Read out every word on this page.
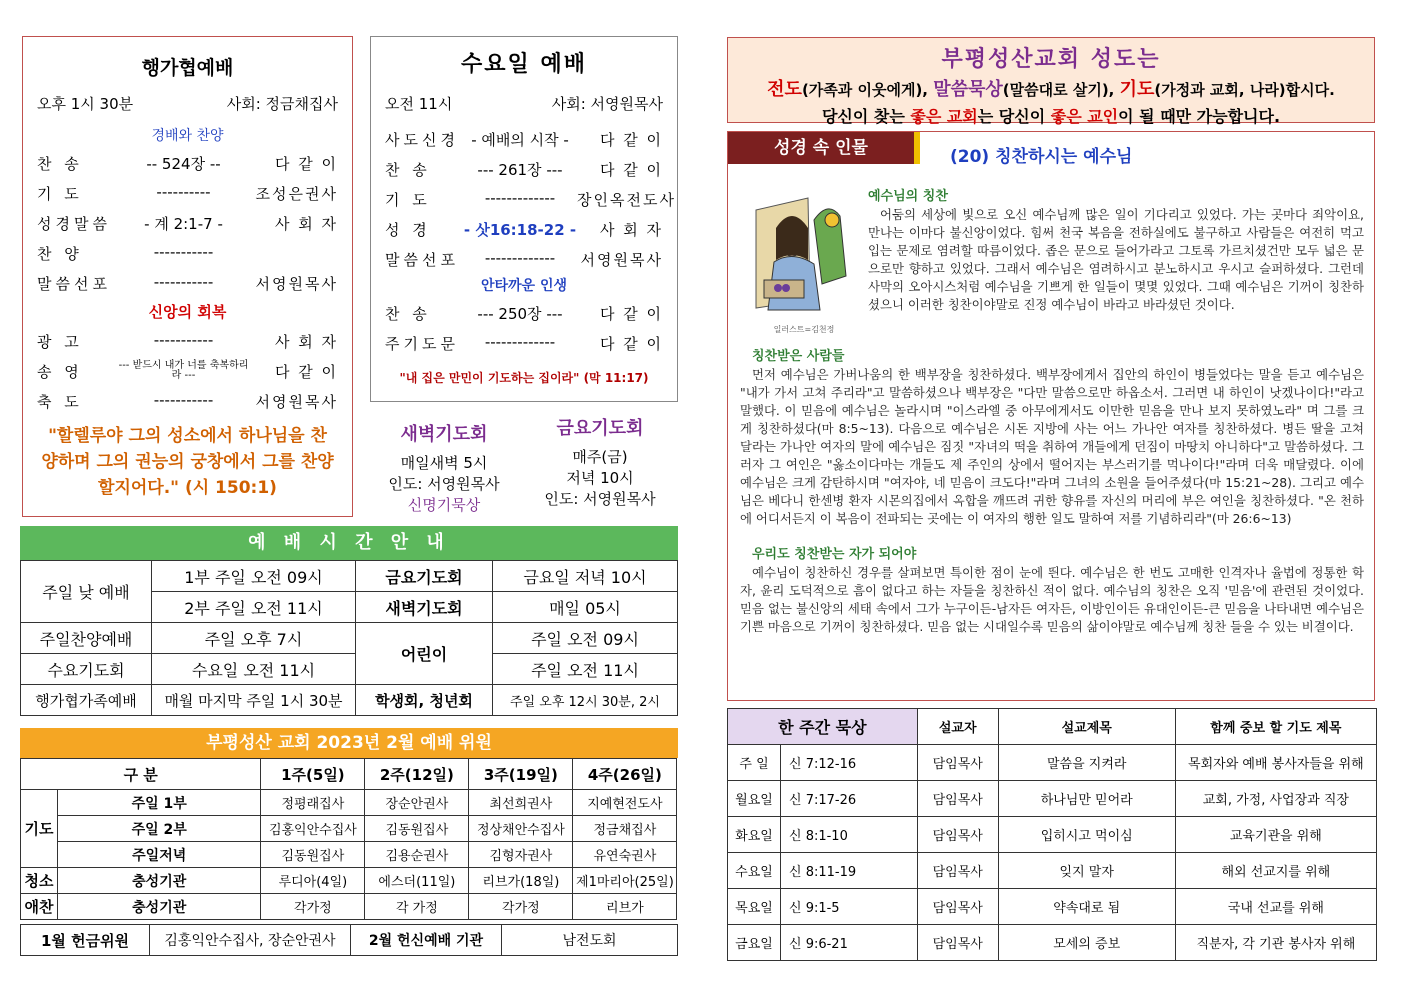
행가협예배
오후 1시 30분	사회: 정금채집사
경배와 찬양
찬 송	-- 524장 --	다 같 이
기 도	----------	조성은권사
성경말씀	- 계 2:1-7 -	사 회 자
찬 양	-----------
말씀선포	-----------	서영원목사
신앙의 회복
광 고	-----------	사 회 자
송 영	--- 받드시 내가 너를 축복하리라 ---	다 같 이
축 도	-----------	서영원목사
"할렐루야 그의 성소에서 하나님을 찬양하며 그의 권능의 궁창에서 그를 찬양할지어다." (시 150:1)
수요일 예배
오전 11시	사회: 서영원목사
사도신경 - 예배의 시작 -	다 같 이
찬 송	--- 261장 ---	다 같 이
기 도	-------------	장인옥전도사
성 경	- 삿16:18-22 -	사 회 자
말씀선포	-------------	서영원목사
안타까운 인생
찬 송	--- 250장 ---	다 같 이
주기도문	-------------	다 같 이
"내 집은 만민이 기도하는 집이라" (막 11:17)
새벽기도회
매일새벽 5시
인도: 서영원목사
신명기묵상
금요기도회
매주(금)
저녁 10시
인도: 서영원목사
예 배 시 간 안 내
주일 낮 예배	1부 주일 오전 09시	금요기도회	금요일 저녁 10시
	2부 주일 오전 11시	새벽기도회	매일 05시
주일찬양예배	주일 오후 7시	어린이	주일 오전 09시
수요기도회	수요일 오전 11시		주일 오전 11시
행가협가족예배	매월 마지막 주일 1시 30분	학생회, 청년회	주일 오후 12시 30분, 2시
부평성산 교회 2023년 2월 예배 위원
구 분		1주(5일)	2주(12일)	3주(19일)	4주(26일)	
기도	주일 1부	정평래집사	장순안권사	최선희권사	지예현전도사	
	주일 2부	김홍익안수집사	김동원집사	정상채안수집사	정금채집사	
	주일저녁	김동원집사	김용순권사	김형자권사	유연숙권사	
청소	충성기관	루디아(4일)	에스더(11일)	리브가(18일)	제1마리아(25일)	
애찬	충성기관	각가정	각 가정	각가정	리브가	
1월 헌금위원	김홍익안수집사, 장순안권사	2월 헌신예배 기관	남전도회
부평성산교회 성도는
전도(가족과 이웃에게), 말씀묵상(말씀대로 살기), 기도(가정과 교회, 나라)합시다.
당신이 찾는 좋은 교회는 당신이 좋은 교인이 될 때만 가능합니다.
성경 속 인물	(20) 칭찬하시는 예수님
일러스트=김천정

예수님의 칭찬

어둠의 세상에 빛으로 오신 예수님께 많은 일이 기다리고 있었다. 가는 곳마다 죄악이요, 만나는 이마다 불신앙이었다. 힘써 천국 복음을 전하실에도 불구하고 사람들은 여전히 먹고 입는 문제로 염려할 따름이었다. 좁은 문으로 들어가라고 그토록 가르치셨건만 모두 넓은 문으로만 향하고 있었다. 그래서 예수님은 염려하시고 분노하시고 우시고 슬퍼하셨다. 그런데 사막의 오아시스처럼 예수님을 기쁘게 한 일들이 몇몇 있었다. 그때 예수님은 기꺼이 칭찬하셨으니 이러한 칭찬이야말로 진정 예수님이 바라고 바라셨던 것이다.

칭찬받은 사람들

먼저 예수님은 가버나움의 한 백부장을 칭찬하셨다. 백부장에게서 집안의 하인이 병들었다는 말을 듣고 예수님은 "내가 가서 고쳐 주리라"고 말씀하셨으나 백부장은 "다만 말씀으로만 하옵소서. 그러면 내 하인이 낫겠나이다!"라고 말했다. 이 믿음에 예수님은 놀라시며 "이스라엘 중 아무에게서도 이만한 믿음을 만나 보지 못하였노라" 며 그를 크게 칭찬하셨다(마 8:5~13). 다음으로 예수님은 시돈 지방에 사는 어느 가나안 여자를 칭찬하셨다. 병든 딸을 고쳐 달라는 가나안 여자의 말에 예수님은 짐짓 "자녀의 떡을 취하여 개들에게 던짐이 마땅치 아니하다"고 말씀하셨다. 그러자 그 여인은 "옳소이다마는 개들도 제 주인의 상에서 떨어지는 부스러기를 먹나이다!"라며 더욱 매달렸다. 이에 예수님은 크게 감탄하시며 "여자야, 네 믿음이 크도다!"라며 그녀의 소원을 들어주셨다(마 15:21~28). 그리고 예수님은 베다니 한센병 환자 시몬의집에서 옥합을 깨뜨려 귀한 향유를 자신의 머리에 부은 여인을 칭찬하셨다. "온 천하에 어디서든지 이 복음이 전파되는 곳에는 이 여자의 행한 일도 말하여 저를 기념하리라"(마 26:6~13)

우리도 칭찬받는 자가 되어야

예수님이 칭찬하신 경우를 살펴보면 특이한 점이 눈에 띈다. 예수님은 한 번도 고매한 인격자나 율법에 정통한 학자, 윤리 도덕적으로 흠이 없다고 하는 자들을 칭찬하신 적이 없다. 예수님의 칭찬은 오직 '믿음'에 관련된 것이었다. 믿음 없는 불신앙의 세태 속에서 그가 누구이든-남자든 여자든, 이방인이든 유대인이든-큰 믿음을 나타내면 예수님은 기쁜 마음으로 기꺼이 칭찬하셨다. 믿음 없는 시대일수록 믿음의 삶이야말로 예수님께 칭찬 들을 수 있는 비결이다.

한 주간 묵상		설교자	설교제목	함께 중보 할 기도 제목
주 일	신 7:12-16	담임목사	말씀을 지켜라	목회자와 예배 봉사자들을 위해
월요일	신 7:17-26	담임목사	하나님만 믿어라	교회, 가정, 사업장과 직장
화요일	신 8:1-10	담임목사	입히시고 먹이심	교육기관을 위해
수요일	신 8:11-19	담임목사	잊지 말자	해외 선교지를 위해
목요일	신 9:1-5	담임목사	약속대로 됨	국내 선교를 위해
금요일	신 9:6-21	담임목사	모세의 증보	직분자, 각 기관 봉사자 위해
